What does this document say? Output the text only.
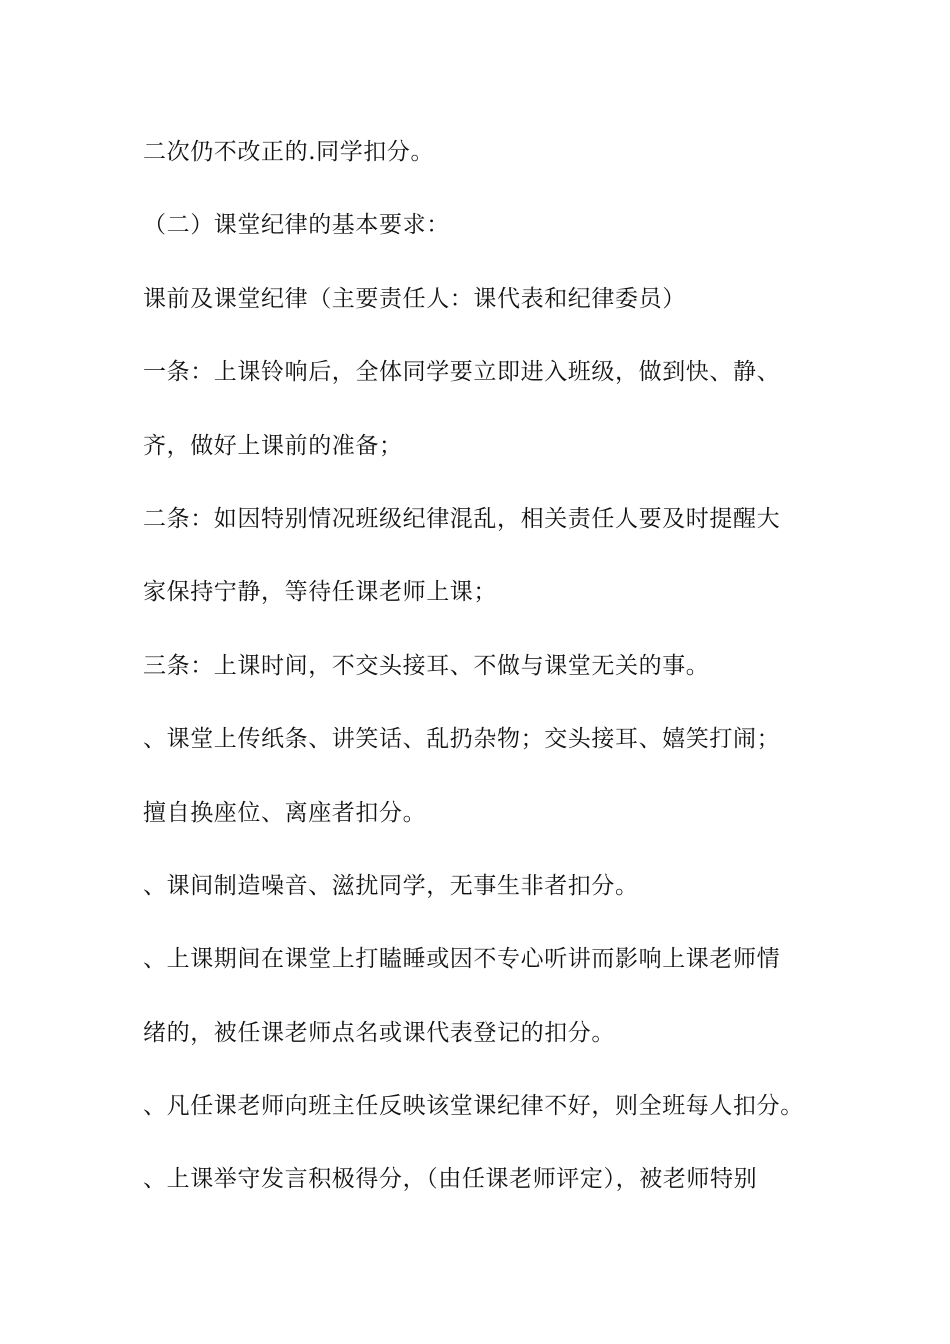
二次仍不改正的.同学扣分。
（二）课堂纪律的基本要求：
课前及课堂纪律（主要责任人：课代表和纪律委员）
一条：上课铃响后，全体同学要立即进入班级，做到快、静、
齐，做好上课前的准备；
二条：如因特别情况班级纪律混乱，相关责任人要及时提醒大
家保持宁静，等待任课老师上课；
三条：上课时间，不交头接耳、不做与课堂无关的事。
、课堂上传纸条、讲笑话、乱扔杂物；交头接耳、嬉笑打闹；
擅自换座位、离座者扣分。
、课间制造噪音、滋扰同学，无事生非者扣分。
、上课期间在课堂上打瞌睡或因不专心听讲而影响上课老师情
绪的，被任课老师点名或课代表登记的扣分。
、凡任课老师向班主任反映该堂课纪律不好，则全班每人扣分。
、上课举守发言积极得分，（由任课老师评定），被老师特别
